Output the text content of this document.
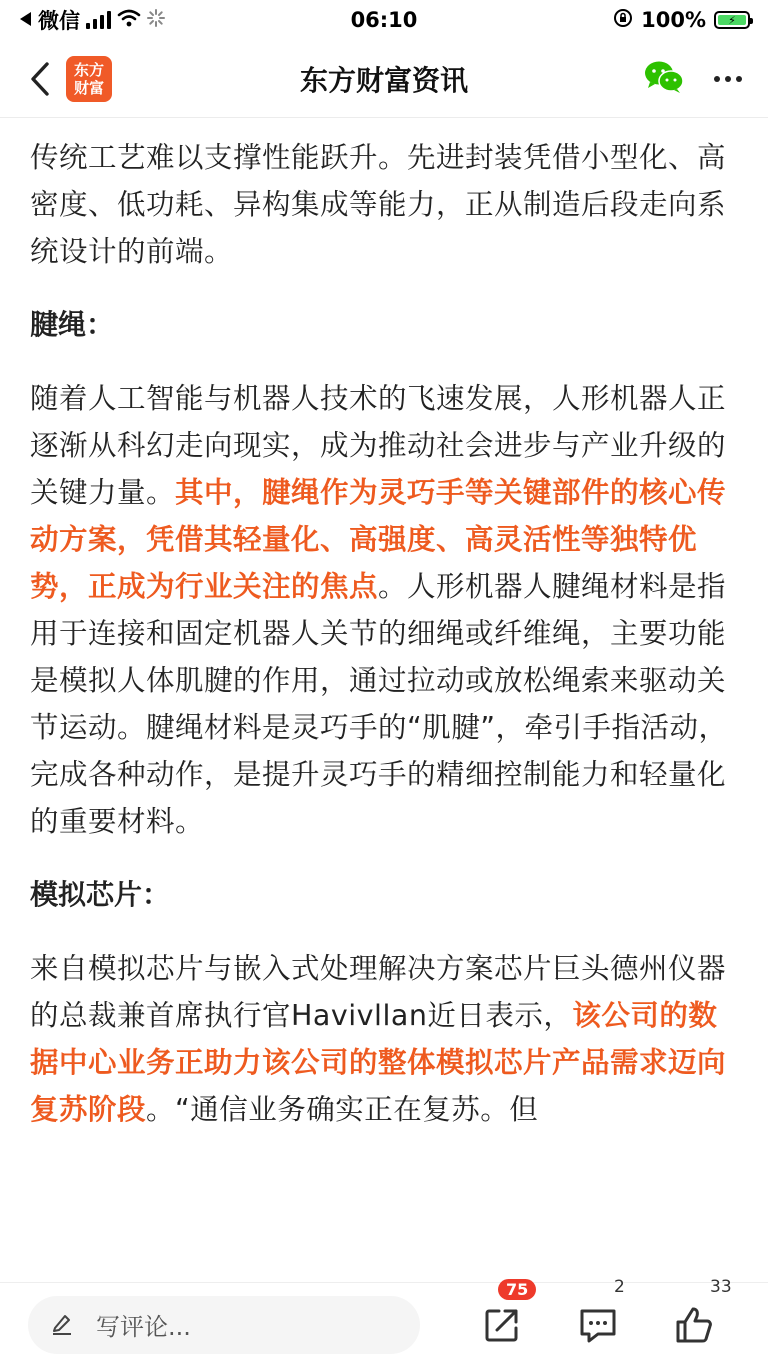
微信	06:10	100%	⚡
东方
财富	东方财富资讯

传统工艺难以支撑性能跃升。先进封装凭借小型化、高密度、低功耗、异构集成等能力，正从制造后段走向系统设计的前端。

腱绳：

随着人工智能与机器人技术的飞速发展，人形机器人正逐渐从科幻走向现实，成为推动社会进步与产业升级的关键力量。其中，腱绳作为灵巧手等关键部件的核心传动方案，凭借其轻量化、高强度、高灵活性等独特优势，正成为行业关注的焦点。人形机器人腱绳材料是指用于连接和固定机器人关节的细绳或纤维绳，主要功能是模拟人体肌腱的作用，通过拉动或放松绳索来驱动关节运动。腱绳材料是灵巧手的“肌腱”，牵引手指活动，完成各种动作，是提升灵巧手的精细控制能力和轻量化的重要材料。

模拟芯片：

来自模拟芯片与嵌入式处理解决方案芯片巨头德州仪器的总裁兼首席执行官Havivllan近日表示，该公司的数据中心业务正助力该公司的整体模拟芯片产品需求迈向复苏阶段。“通信业务确实正在复苏。但

写评论...
75	2	33
